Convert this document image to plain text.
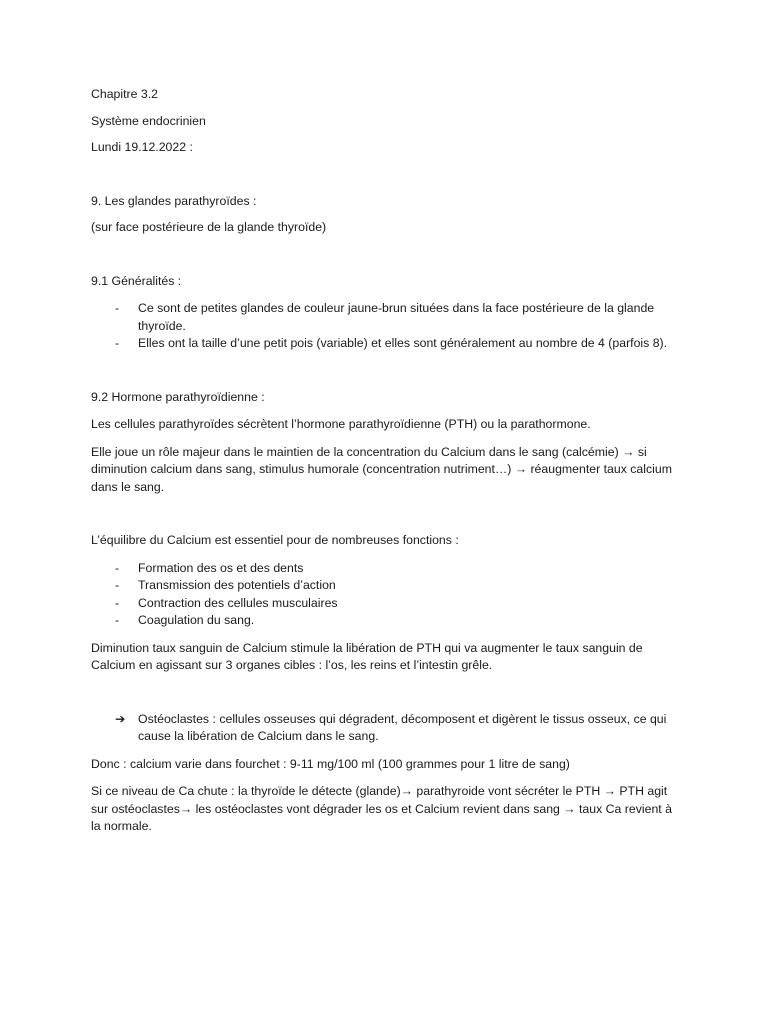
Chapitre 3.2

Système endocrinien

Lundi 19.12.2022 :

9. Les glandes parathyroïdes :

(sur face postérieure de la glande thyroïde)

9.1 Généralités :

- Ce sont de petites glandes de couleur jaune-brun situées dans la face postérieure de la glande thyroïde.
- Elles ont la taille d’une petit pois (variable) et elles sont généralement au nombre de 4 (parfois 8).

9.2 Hormone parathyroïdienne :

Les cellules parathyroïdes sécrètent l’hormone parathyroïdienne (PTH) ou la parathormone.

Elle joue un rôle majeur dans le maintien de la concentration du Calcium dans le sang (calcémie) → si diminution calcium dans sang, stimulus humorale (concentration nutriment…) → réaugmenter taux calcium dans le sang.

L’équilibre du Calcium est essentiel pour de nombreuses fonctions :

- Formation des os et des dents
- Transmission des potentiels d’action
- Contraction des cellules musculaires
- Coagulation du sang.

Diminution taux sanguin de Calcium stimule la libération de PTH qui va augmenter le taux sanguin de Calcium en agissant sur 3 organes cibles : l’os, les reins et l’intestin grêle.

➔ Ostéoclastes : cellules osseuses qui dégradent, décomposent et digèrent le tissus osseux, ce qui cause la libération de Calcium dans le sang.

Donc : calcium varie dans fourchet : 9-11 mg/100 ml (100 grammes pour 1 litre de sang)

Si ce niveau de Ca chute : la thyroïde le détecte (glande)→ parathyroide vont sécréter le PTH → PTH agit sur ostéoclastes→ les ostéoclastes vont dégrader les os et Calcium revient dans sang → taux Ca revient à la normale.
